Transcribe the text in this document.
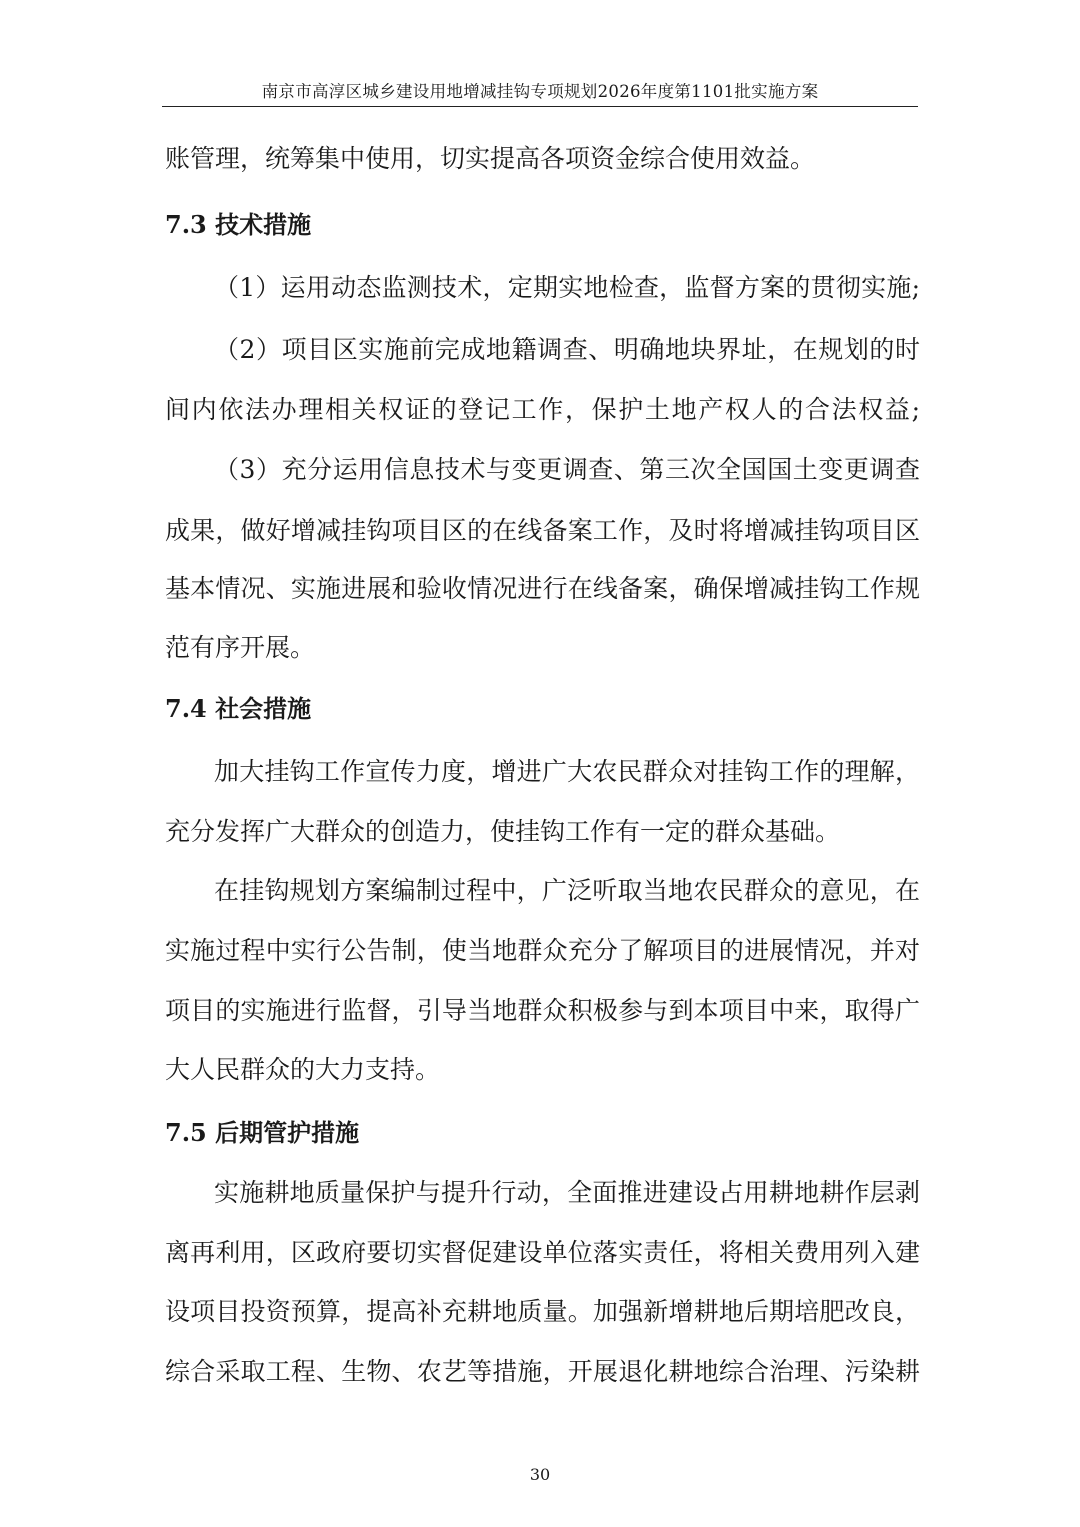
南京市高淳区城乡建设用地增减挂钩专项规划2026年度第1101批实施方案
账管理，统筹集中使用，切实提高各项资金综合使用效益。
7.3 技术措施
（1）运用动态监测技术，定期实地检查，监督方案的贯彻实施;
（2）项目区实施前完成地籍调查、明确地块界址，在规划的时
间内依法办理相关权证的登记工作，保护土地产权人的合法权益;
（3）充分运用信息技术与变更调查、第三次全国国土变更调查
成果，做好增减挂钩项目区的在线备案工作，及时将增减挂钩项目区
基本情况、实施进展和验收情况进行在线备案，确保增减挂钩工作规
范有序开展。
7.4 社会措施
加大挂钩工作宣传力度，增进广大农民群众对挂钩工作的理解，
充分发挥广大群众的创造力，使挂钩工作有一定的群众基础。
在挂钩规划方案编制过程中，广泛听取当地农民群众的意见，在
实施过程中实行公告制，使当地群众充分了解项目的进展情况，并对
项目的实施进行监督，引导当地群众积极参与到本项目中来，取得广
大人民群众的大力支持。
7.5 后期管护措施
实施耕地质量保护与提升行动，全面推进建设占用耕地耕作层剥
离再利用，区政府要切实督促建设单位落实责任，将相关费用列入建
设项目投资预算，提高补充耕地质量。加强新增耕地后期培肥改良，
综合采取工程、生物、农艺等措施，开展退化耕地综合治理、污染耕
30
